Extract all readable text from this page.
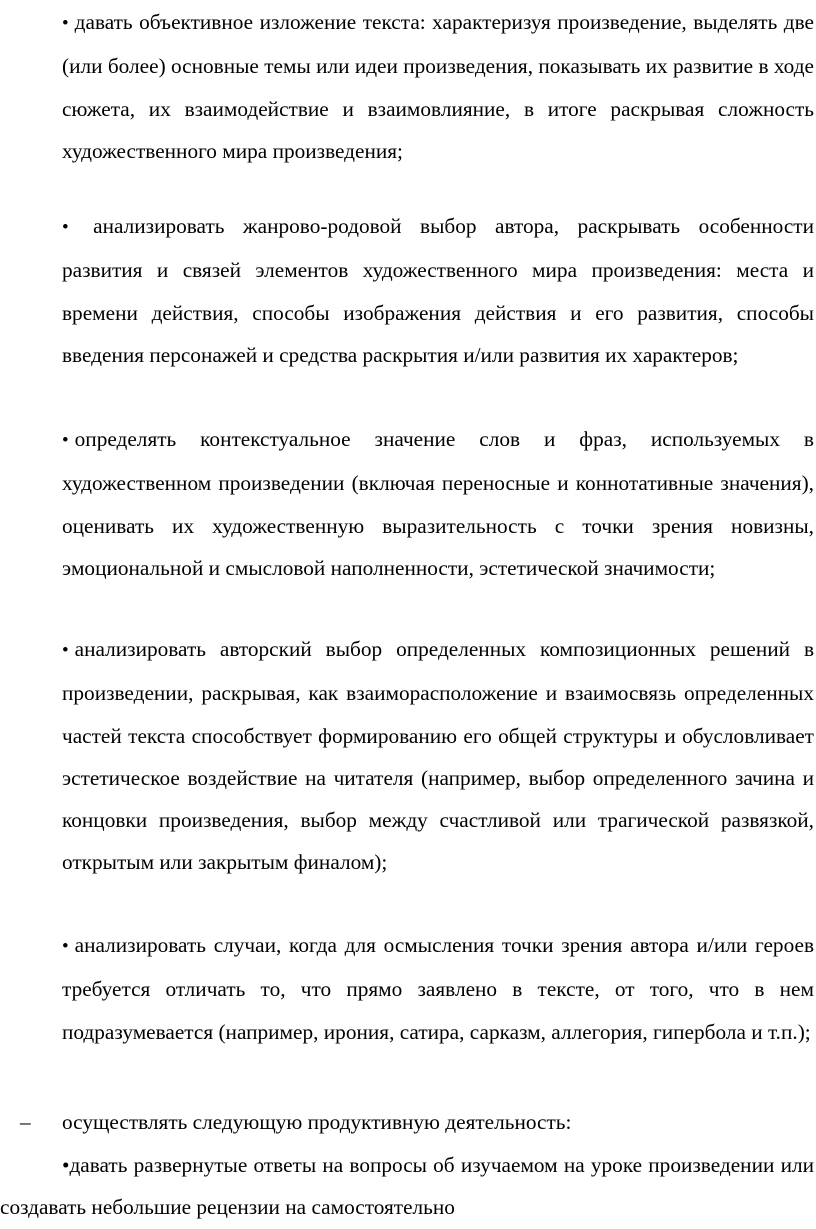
• давать объективное изложение текста: характеризуя произведение, выделять две (или более) основные темы или идеи произведения, показывать их развитие в ходе сюжета, их взаимодействие и взаимовлияние, в итоге раскрывая сложность художественного мира произведения;

• анализировать жанрово-родовой выбор автора, раскрывать особенности развития и связей элементов художественного мира произведения: места и времени действия, способы изображения действия и его развития, способы введения персонажей и средства раскрытия и/или развития их характеров;

• определять контекстуальное значение слов и фраз, используемых в художественном произведении (включая переносные и коннотативные значения), оценивать их художественную выразительность с точки зрения новизны, эмоциональной и смысловой наполненности, эстетической значимости;

• анализировать авторский выбор определенных композиционных решений в произведении, раскрывая, как взаиморасположение и взаимосвязь определенных частей текста способствует формированию его общей структуры и обусловливает эстетическое воздействие на читателя (например, выбор определенного зачина и концовки произведения, выбор между счастливой или трагической развязкой, открытым или закрытым финалом);

• анализировать случаи, когда для осмысления точки зрения автора и/или героев требуется отличать то, что прямо заявлено в тексте, от того, что в нем подразумевается (например, ирония, сатира, сарказм, аллегория, гипербола и т.п.);

– осуществлять следующую продуктивную деятельность:

•давать развернутые ответы на вопросы об изучаемом на уроке произведении или создавать небольшие рецензии на самостоятельно
